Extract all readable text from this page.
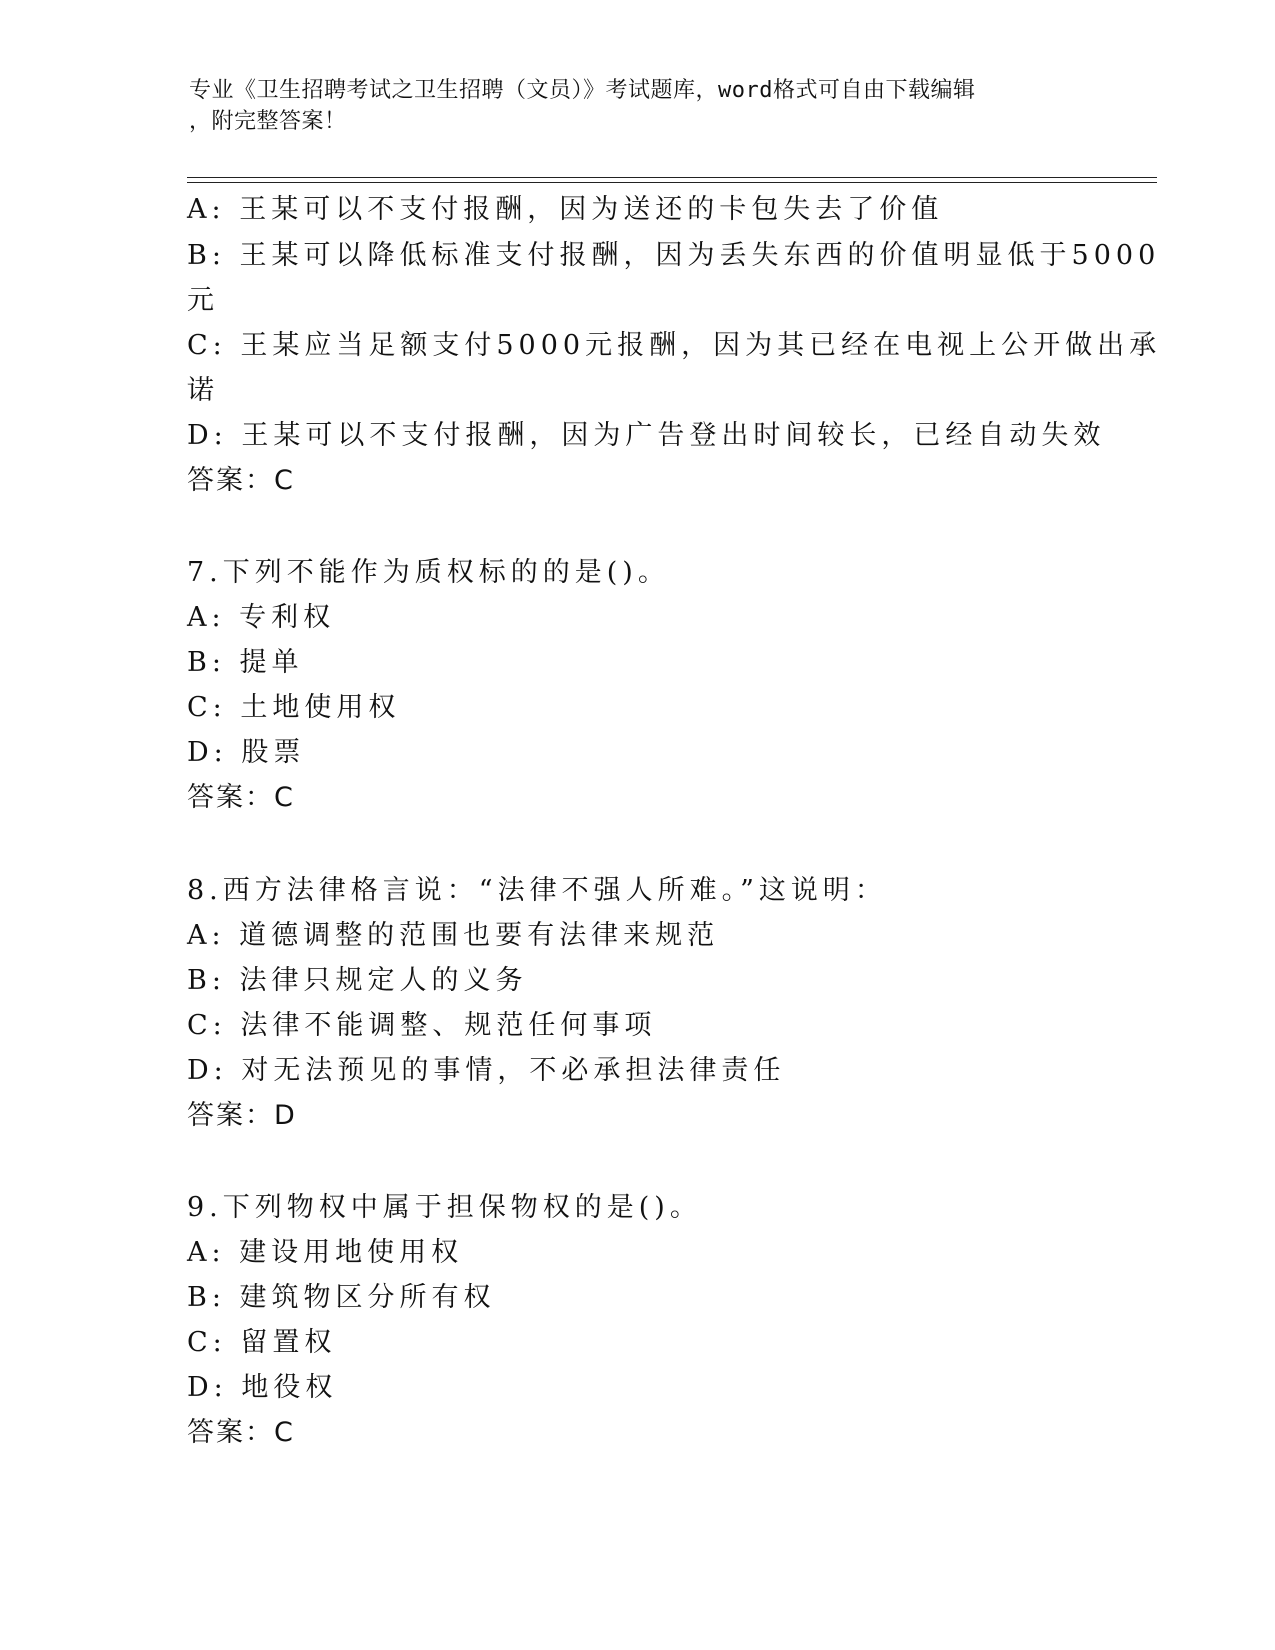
专业《卫生招聘考试之卫生招聘（文员）》考试题库，word格式可自由下载编辑
，附完整答案！
A: 王某可以不支付报酬，因为送还的卡包失去了价值
B: 王某可以降低标准支付报酬，因为丢失东西的价值明显低于5000
元
C: 王某应当足额支付5000元报酬，因为其已经在电视上公开做出承
诺
D: 王某可以不支付报酬，因为广告登出时间较长，已经自动失效
答案：C
7.下列不能作为质权标的的是()。
A: 专利权
B: 提单
C: 土地使用权
D: 股票
答案：C
8.西方法律格言说：“法律不强人所难。”这说明：
A: 道德调整的范围也要有法律来规范
B: 法律只规定人的义务
C: 法律不能调整、规范任何事项
D: 对无法预见的事情，不必承担法律责任
答案：D
9.下列物权中属于担保物权的是()。
A: 建设用地使用权
B: 建筑物区分所有权
C: 留置权
D: 地役权
答案：C
